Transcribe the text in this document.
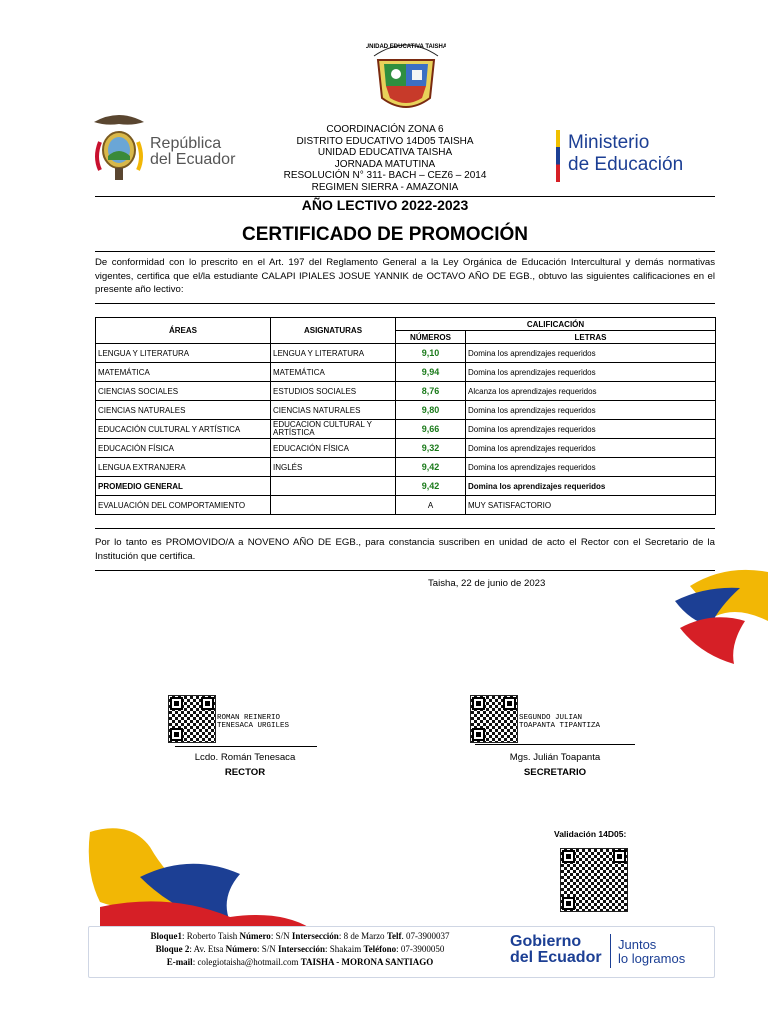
República
del Ecuador
UNIDAD EDUCATIVA TAISHA
Ministerio
de Educación
COORDINACIÓN ZONA 6
DISTRITO EDUCATIVO 14D05 TAISHA
UNIDAD EDUCATIVA TAISHA
JORNADA MATUTINA
RESOLUCIÓN N° 311- BACH – CEZ6 – 2014
REGIMEN SIERRA - AMAZONIA
AÑO LECTIVO 2022-2023
CERTIFICADO DE PROMOCIÓN
De conformidad con lo prescrito en el Art. 197 del Reglamento General a la Ley Orgánica de Educación Intercultural y demás normativas vigentes, certifica que el/la estudiante CALAPI IPIALES JOSUE YANNIK de OCTAVO AÑO DE EGB., obtuvo las siguientes calificaciones en el presente año lectivo:
ÁREAS	ASIGNATURAS	CALIFICACIÓN	
		NÚMEROS	LETRAS
LENGUA Y LITERATURA	LENGUA Y LITERATURA	9,10	Domina los aprendizajes requeridos
MATEMÁTICA	MATEMÁTICA	9,94	Domina los aprendizajes requeridos
CIENCIAS SOCIALES	ESTUDIOS SOCIALES	8,76	Alcanza los aprendizajes requeridos
CIENCIAS NATURALES	CIENCIAS NATURALES	9,80	Domina los aprendizajes requeridos
EDUCACIÓN CULTURAL Y ARTÍSTICA	EDUCACION CULTURAL Y ARTÍSTICA	9,66	Domina los aprendizajes requeridos
EDUCACIÓN FÍSICA	EDUCACIÓN FÍSICA	9,32	Domina los aprendizajes requeridos
LENGUA EXTRANJERA	INGLÉS	9,42	Domina los aprendizajes requeridos
PROMEDIO GENERAL		9,42	Domina los aprendizajes requeridos
EVALUACIÓN DEL COMPORTAMIENTO		A	MUY SATISFACTORIO
Por lo tanto es PROMOVIDO/A a NOVENO AÑO DE EGB., para constancia suscriben en unidad de acto el Rector con el Secretario de la Institución que certifica.
Taisha, 22 de junio de 2023
ROMAN REINERIO
TENESACA URGILES
Lcdo. Román Tenesaca
RECTOR
SEGUNDO JULIAN
TOAPANTA TIPANTIZA
Mgs. Julián Toapanta
SECRETARIO
Validación 14D05:
Bloque1: Roberto Taish Número: S/N Intersección: 8 de Marzo Telf. 07-3900037
Bloque 2: Av. Etsa Número: S/N Intersección: Shakaim Teléfono: 07-3900050
E-mail: colegiotaisha@hotmail.com TAISHA - MORONA SANTIAGO
Gobierno
del Ecuador
Juntos
lo logramos
